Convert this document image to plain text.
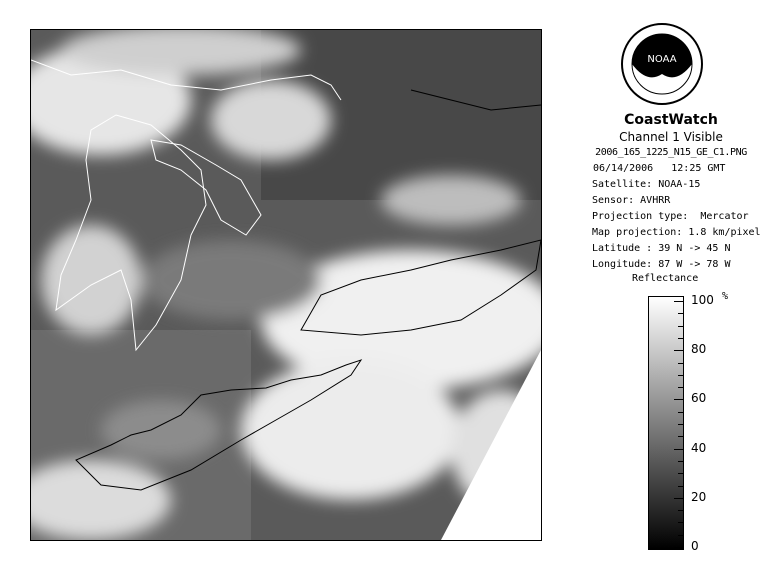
NOAA
CoastWatch
Channel 1 Visible
2006_165_1225_N15_GE_C1.PNG
06/14/2006   12:25 GMT
Satellite: NOAA-15
Sensor: AVHRR
Projection type:  Mercator
Map projection: 1.8 km/pixel
Latitude : 39 N -> 45 N
Longitude: 87 W -> 78 W
Reflectance
%
100
80
60
40
20
0
